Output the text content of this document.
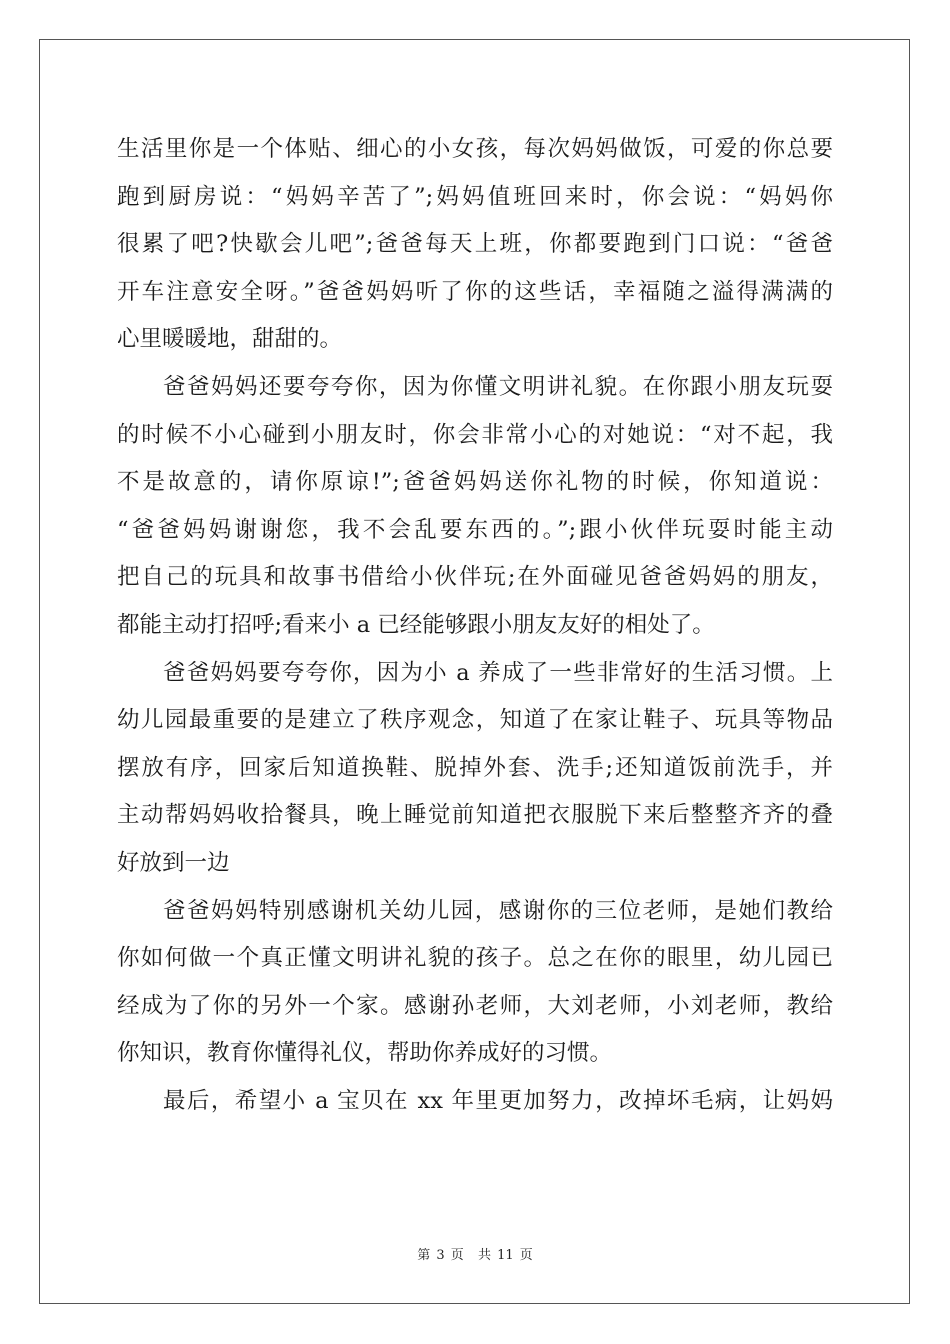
生活里你是一个体贴、细心的小女孩，每次妈妈做饭，可爱的你总要
跑到厨房说：“妈妈辛苦了”;妈妈值班回来时，你会说：“妈妈你
很累了吧?快歇会儿吧”;爸爸每天上班，你都要跑到门口说：“爸爸
开车注意安全呀。”爸爸妈妈听了你的这些话，幸福随之溢得满满的
心里暖暖地，甜甜的。
爸爸妈妈还要夸夸你，因为你懂文明讲礼貌。在你跟小朋友玩耍
的时候不小心碰到小朋友时，你会非常小心的对她说：“对不起，我
不是故意的，请你原谅!”;爸爸妈妈送你礼物的时候，你知道说：
“爸爸妈妈谢谢您，我不会乱要东西的。”;跟小伙伴玩耍时能主动
把自己的玩具和故事书借给小伙伴玩;在外面碰见爸爸妈妈的朋友，
都能主动打招呼;看来小 a 已经能够跟小朋友友好的相处了。
爸爸妈妈要夸夸你，因为小 a 养成了一些非常好的生活习惯。上
幼儿园最重要的是建立了秩序观念，知道了在家让鞋子、玩具等物品
摆放有序，回家后知道换鞋、脱掉外套、洗手;还知道饭前洗手，并
主动帮妈妈收拾餐具，晚上睡觉前知道把衣服脱下来后整整齐齐的叠
好放到一边
爸爸妈妈特别感谢机关幼儿园，感谢你的三位老师，是她们教给
你如何做一个真正懂文明讲礼貌的孩子。总之在你的眼里，幼儿园已
经成为了你的另外一个家。感谢孙老师，大刘老师，小刘老师，教给
你知识，教育你懂得礼仪，帮助你养成好的习惯。
最后，希望小 a 宝贝在 xx 年里更加努力，改掉坏毛病，让妈妈
第 3 页 共 11 页
